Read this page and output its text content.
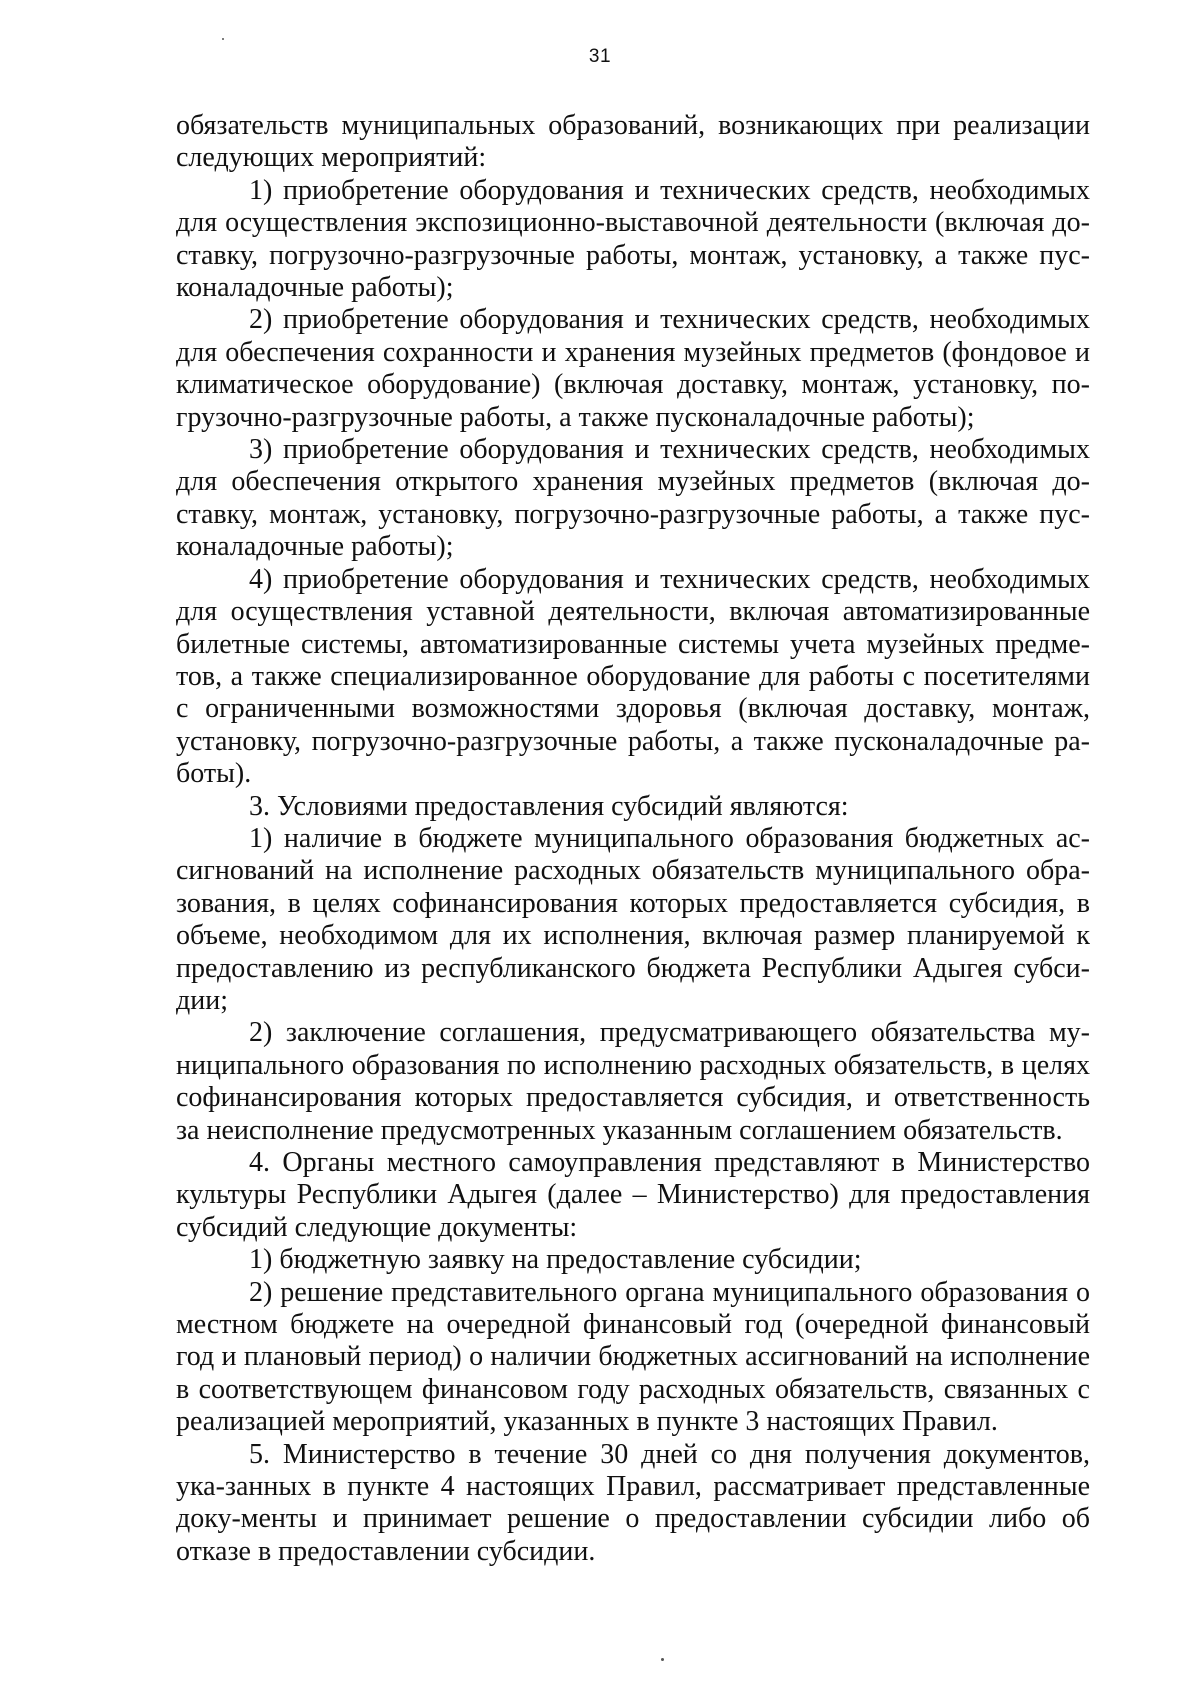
31

обязательств муниципальных образований, возникающих при реализации следующих мероприятий:

1) приобретение оборудования и технических средств, необходимых для осуществления экспозиционно-выставочной деятельности (включая до-ставку, погрузочно-разгрузочные работы, монтаж, установку, а также пус-коналадочные работы);

2) приобретение оборудования и технических средств, необходимых для обеспечения сохранности и хранения музейных предметов (фондовое и климатическое оборудование) (включая доставку, монтаж, установку, по-грузочно-разгрузочные работы, а также пусконаладочные работы);

3) приобретение оборудования и технических средств, необходимых для обеспечения открытого хранения музейных предметов (включая до-ставку, монтаж, установку, погрузочно-разгрузочные работы, а также пус-коналадочные работы);

4) приобретение оборудования и технических средств, необходимых для осуществления уставной деятельности, включая автоматизированные билетные системы, автоматизированные системы учета музейных предме-тов, а также специализированное оборудование для работы с посетителями с ограниченными возможностями здоровья (включая доставку, монтаж, установку, погрузочно-разгрузочные работы, а также пусконаладочные ра-боты).

3. Условиями предоставления субсидий являются:

1) наличие в бюджете муниципального образования бюджетных ас-сигнований на исполнение расходных обязательств муниципального обра-зования, в целях софинансирования которых предоставляется субсидия, в объеме, необходимом для их исполнения, включая размер планируемой к предоставлению из республиканского бюджета Республики Адыгея субси-дии;

2) заключение соглашения, предусматривающего обязательства му-ниципального образования по исполнению расходных обязательств, в целях софинансирования которых предоставляется субсидия, и ответственность за неисполнение предусмотренных указанным соглашением обязательств.

4. Органы местного самоуправления представляют в Министерство культуры Республики Адыгея (далее – Министерство) для предоставления субсидий следующие документы:

1) бюджетную заявку на предоставление субсидии;

2) решение представительного органа муниципального образования о местном бюджете на очередной финансовый год (очередной финансовый год и плановый период) о наличии бюджетных ассигнований на исполнение в соответствующем финансовом году расходных обязательств, связанных с реализацией мероприятий, указанных в пункте 3 настоящих Правил.

5. Министерство в течение 30 дней со дня получения документов, ука-занных в пункте 4 настоящих Правил, рассматривает представленные доку-менты и принимает решение о предоставлении субсидии либо об отказе в предоставлении субсидии.
